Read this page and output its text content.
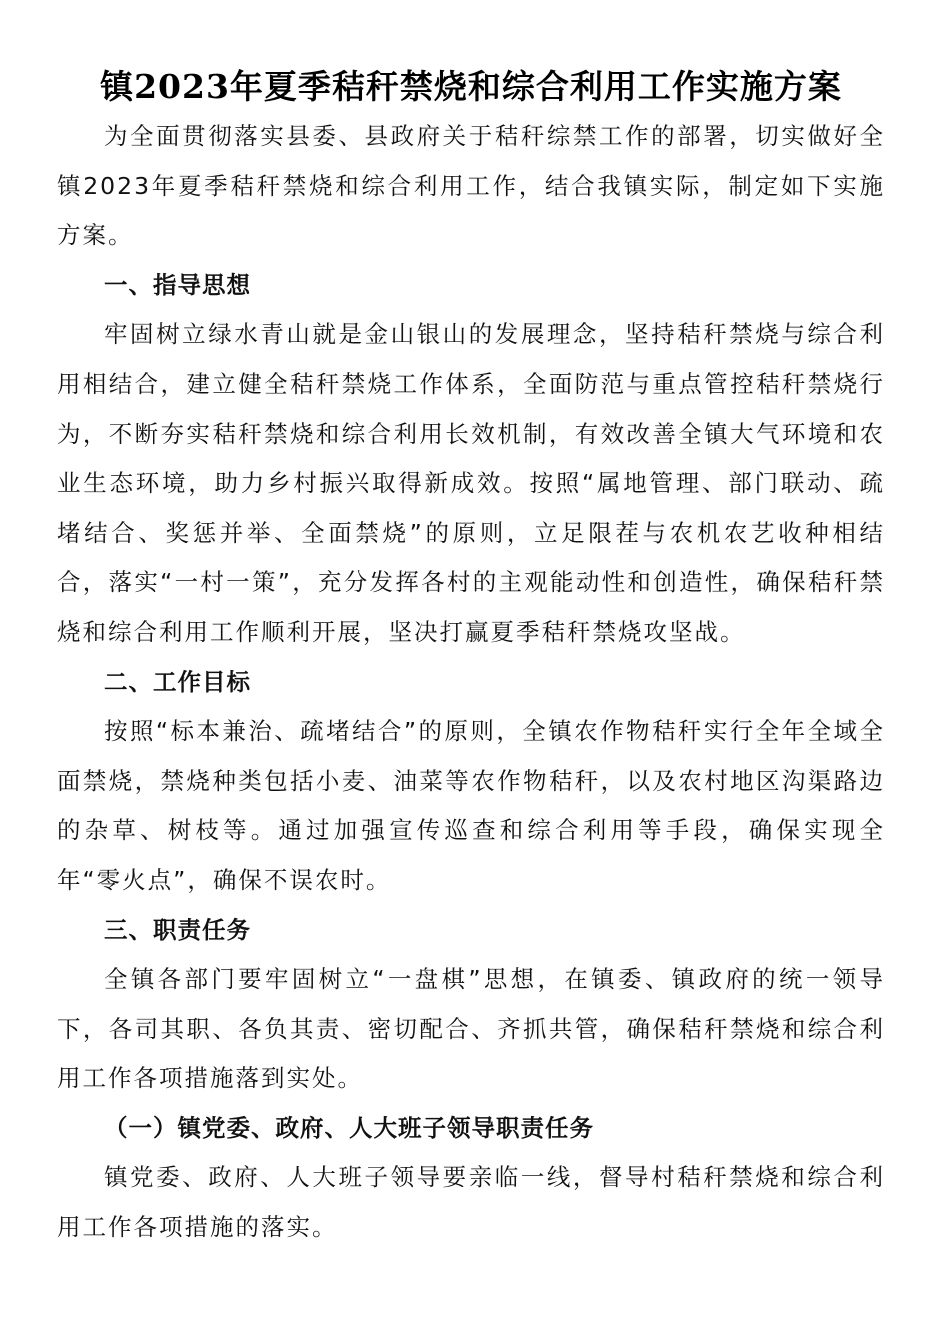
镇2023年夏季秸秆禁烧和综合利用工作实施方案

为全面贯彻落实县委、县政府关于秸秆综禁工作的部署，切实做好全镇2023年夏季秸秆禁烧和综合利用工作，结合我镇实际，制定如下实施方案。

一、指导思想

牢固树立绿水青山就是金山银山的发展理念，坚持秸秆禁烧与综合利用相结合，建立健全秸秆禁烧工作体系，全面防范与重点管控秸秆禁烧行为，不断夯实秸秆禁烧和综合利用长效机制，有效改善全镇大气环境和农业生态环境，助力乡村振兴取得新成效。按照“属地管理、部门联动、疏堵结合、奖惩并举、全面禁烧”的原则，立足限茬与农机农艺收种相结合，落实“一村一策”，充分发挥各村的主观能动性和创造性，确保秸秆禁烧和综合利用工作顺利开展，坚决打赢夏季秸秆禁烧攻坚战。

二、工作目标

按照“标本兼治、疏堵结合”的原则，全镇农作物秸秆实行全年全域全面禁烧，禁烧种类包括小麦、油菜等农作物秸秆，以及农村地区沟渠路边的杂草、树枝等。通过加强宣传巡查和综合利用等手段，确保实现全年“零火点”，确保不误农时。

三、职责任务

全镇各部门要牢固树立“一盘棋”思想，在镇委、镇政府的统一领导下，各司其职、各负其责、密切配合、齐抓共管，确保秸秆禁烧和综合利用工作各项措施落到实处。

（一）镇党委、政府、人大班子领导职责任务

镇党委、政府、人大班子领导要亲临一线，督导村秸秆禁烧和综合利用工作各项措施的落实。
